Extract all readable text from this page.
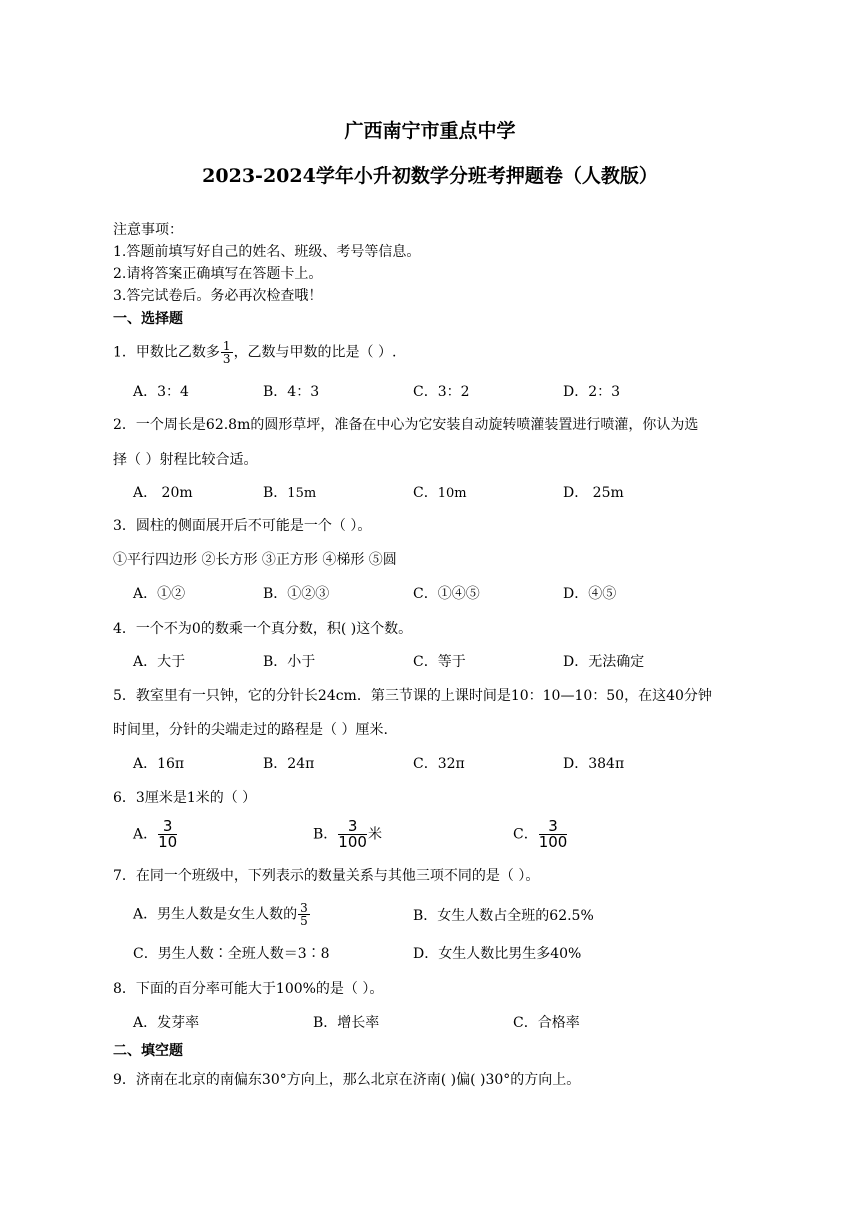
广西南宁市重点中学
2023-2024学年小升初数学分班考押题卷（人教版）
注意事项：
1.答题前填写好自己的姓名、班级、考号等信息。
2.请将答案正确填写在答题卡上。
3.答完试卷后。务必再次检查哦！
一、选择题
1．甲数比乙数多 $\frac{1}{3}$ ，乙数与甲数的比是（ ）.
A．3：4	B．4：3	C．3：2	D．2：3
2．一个周长是62.8m的圆形草坪，准备在中心为它安装自动旋转喷灌装置进行喷灌，你认为选
择（ ）射程比较合适。
A． 20m	B．15m	C．10m	D． 25m
3．圆柱的侧面展开后不可能是一个（ ）。
①平行四边形 ②长方形 ③正方形 ④梯形 ⑤圆
A．①②	B．①②③	C．①④⑤	D．④⑤
4．一个不为0的数乘一个真分数，积( )这个数。
A．大于	B．小于	C．等于	D．无法确定
5．教室里有一只钟，它的分针长24cm．第三节课的上课时间是10：10—10：50，在这40分钟
时间里，分针的尖端走过的路程是（ ）厘米.
A．16π	B．24π	C．32π	D．384π
6．3厘米是1米的（ ）
A． $\frac{3}{10}$	B． $\frac{3}{100}$ 米	C． $\frac{3}{100}$
7．在同一个班级中，下列表示的数量关系与其他三项不同的是（ ）。
A．男生人数是女生人数的 $\frac{3}{5}$	B．女生人数占全班的62.5%
C．男生人数∶全班人数＝3∶8	D．女生人数比男生多40%
8．下面的百分率可能大于100%的是（ ）。
A．发芽率	B．增长率	C．合格率
二、填空题
9．济南在北京的南偏东30°方向上，那么北京在济南( )偏( )30°的方向上。
